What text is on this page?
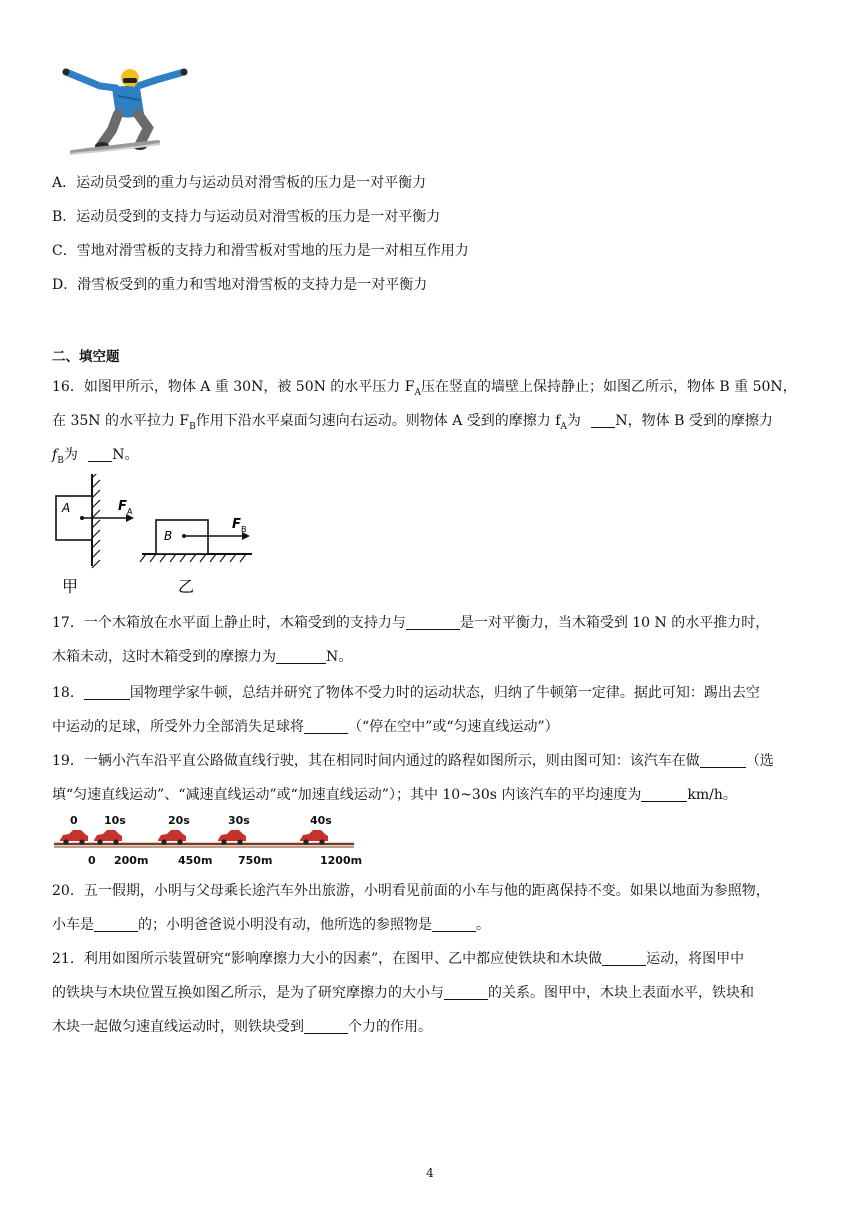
A．运动员受到的重力与运动员对滑雪板的压力是一对平衡力
B．运动员受到的支持力与运动员对滑雪板的压力是一对平衡力
C．雪地对滑雪板的支持力和滑雪板对雪地的压力是一对相互作用力
D．滑雪板受到的重力和雪地对滑雪板的支持力是一对平衡力
二、填空题
16．如图甲所示，物体 A 重 30N，被 50N 的水平压力 $F_A$压在竖直的墙壁上保持静止；如图乙所示，物体 B 重 50N，
在 35N 的水平拉力 $F_B$作用下沿水平桌面匀速向右运动。则物体 A 受到的摩擦力 $f_A$为 N，物体 B 受到的摩擦力
$f_B$为 N。
A	F A
B
F B
甲	乙
17．一个木箱放在水平面上静止时，木箱受到的支持力与	是一对平衡力，当木箱受到 10 N 的水平推力时，
木箱未动，这时木箱受到的摩擦力为	N。
18．	国物理学家牛顿，总结并研究了物体不受力时的运动状态，归纳了牛顿第一定律。据此可知：踢出去空
中运动的足球，所受外力全部消失足球将	（“停在空中”或“匀速直线运动”）
19．一辆小汽车沿平直公路做直线行驶，其在相同时间内通过的路程如图所示，则由图可知：该汽车在做	（选
填“匀速直线运动”、“减速直线运动”或“加速直线运动”）；其中 10~30s 内该汽车的平均速度为	km/h。
0 10s	20s	30s	40s
0 200m	450m 750m	1200m
20．五一假期，小明与父母乘长途汽车外出旅游，小明看见前面的小车与他的距离保持不变。如果以地面为参照物，
小车是	的；小明爸爸说小明没有动，他所选的参照物是	。
21．利用如图所示装置研究“影响摩擦力大小的因素”，在图甲、乙中都应使铁块和木块做	运动，将图甲中
的铁块与木块位置互换如图乙所示，是为了研究摩擦力的大小与	的关系。图甲中，木块上表面水平，铁块和
木块一起做匀速直线运动时，则铁块受到	个力的作用。
4
